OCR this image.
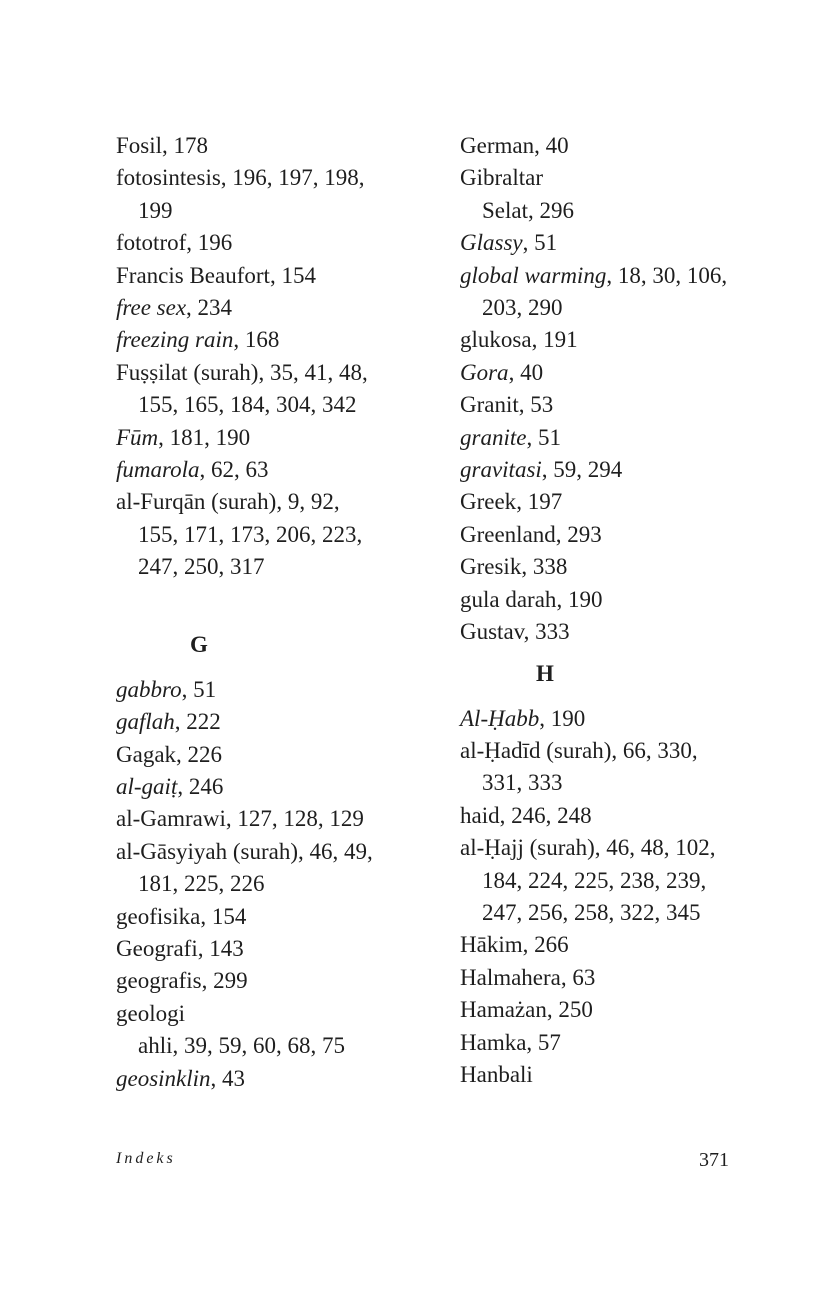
Fosil, 178
fotosintesis, 196, 197, 198,
199
fototrof, 196
Francis Beaufort, 154
free sex, 234
freezing rain, 168
Fuṣṣilat (surah), 35, 41, 48,
155, 165, 184, 304, 342
Fūm, 181, 190
fumarola, 62, 63
al-Furqān (surah), 9, 92,
155, 171, 173, 206, 223,
247, 250, 317
G
gabbro, 51
gaflah, 222
Gagak, 226
al-gaiṭ, 246
al-Gamrawi, 127, 128, 129
al-Gāsyiyah (surah), 46, 49,
181, 225, 226
geofisika, 154
Geografi, 143
geografis, 299
geologi
ahli, 39, 59, 60, 68, 75
geosinklin, 43
German, 40
Gibraltar
Selat, 296
Glassy, 51
global warming, 18, 30, 106,
203, 290
glukosa, 191
Gora, 40
Granit, 53
granite, 51
gravitasi, 59, 294
Greek, 197
Greenland, 293
Gresik, 338
gula darah, 190
Gustav, 333
H
Al-Ḥabb, 190
al-Ḥadīd (surah), 66, 330,
331, 333
haid, 246, 248
al-Ḥajj (surah), 46, 48, 102,
184, 224, 225, 238, 239,
247, 256, 258, 322, 345
Hākim, 266
Halmahera, 63
Hamażan, 250
Hamka, 57
Hanbali
Indeks	371
